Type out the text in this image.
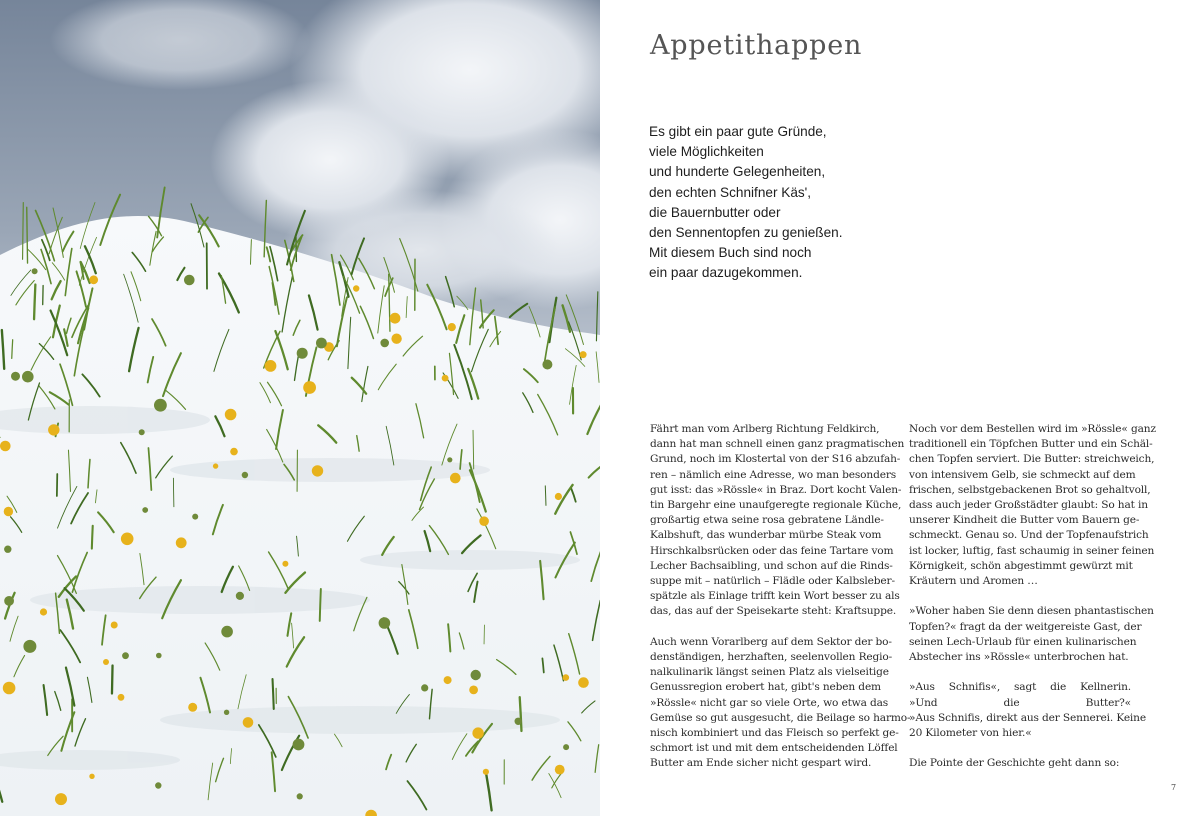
Appetithappen
Es gibt ein paar gute Gründe,
viele Möglichkeiten
und hunderte Gelegenheiten,
den echten Schnifner Käs',
die Bauernbutter oder
den Sennentopfen zu genießen.
Mit diesem Buch sind noch
ein paar dazugekommen.
Fährt man vom Arlberg Richtung Feldkirch,
dann hat man schnell einen ganz pragmatischen
Grund, noch im Klostertal von der S16 abzufah-
ren – nämlich eine Adresse, wo man besonders
gut isst: das »Rössle« in Braz. Dort kocht Valen-
tin Bargehr eine unaufgeregte regionale Küche,
großartig etwa seine rosa gebratene Ländle-
Kalbshuft, das wunderbar mürbe Steak vom
Hirschkalbsrücken oder das feine Tartare vom
Lecher Bachsaibling, und schon auf die Rinds-
suppe mit – natürlich – Flädle oder Kalbsleber-
spätzle als Einlage trifft kein Wort besser zu als
das, das auf der Speisekarte steht: Kraftsuppe.
Auch wenn Vorarlberg auf dem Sektor der bo-
denständigen, herzhaften, seelenvollen Regio-
nalkulinarik längst seinen Platz als vielseitige
Genussregion erobert hat, gibt's neben dem
»Rössle« nicht gar so viele Orte, wo etwa das
Gemüse so gut ausgesucht, die Beilage so harmo-
nisch kombiniert und das Fleisch so perfekt ge-
schmort ist und mit dem entscheidenden Löffel
Butter am Ende sicher nicht gespart wird.
Noch vor dem Bestellen wird im »Rössle« ganz
traditionell ein Töpfchen Butter und ein Schäl-
chen Topfen serviert. Die Butter: streichweich,
von intensivem Gelb, sie schmeckt auf dem
frischen, selbstgebackenen Brot so gehaltvoll,
dass auch jeder Großstädter glaubt: So hat in
unserer Kindheit die Butter vom Bauern ge-
schmeckt. Genau so. Und der Topfenaufstrich
ist locker, luftig, fast schaumig in seiner feinen
Körnigkeit, schön abgestimmt gewürzt mit
Kräutern und Aromen …
»Woher haben Sie denn diesen phantastischen
Topfen?« fragt da der weitgereiste Gast, der
seinen Lech-Urlaub für einen kulinarischen
Abstecher ins »Rössle« unterbrochen hat.
»Aus Schnifis«, sagt die Kellnerin.
»Und die Butter?«
»Aus Schnifis, direkt aus der Sennerei. Keine
20 Kilometer von hier.«
Die Pointe der Geschichte geht dann so:
7
